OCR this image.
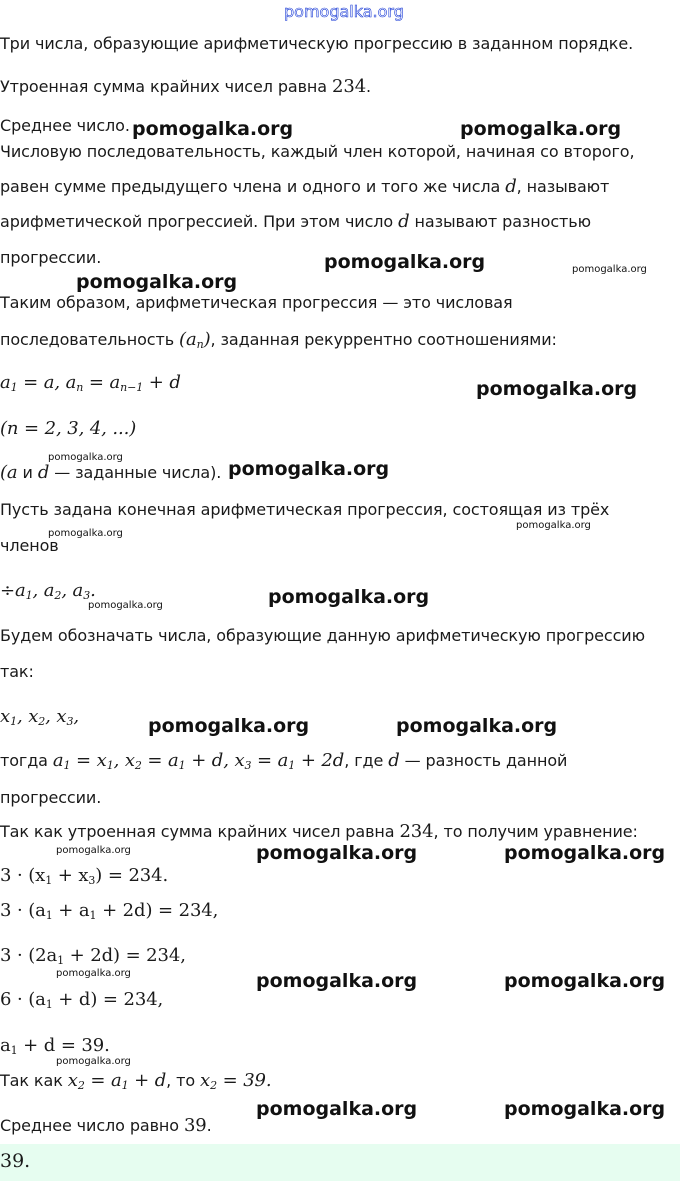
pomogalka.org
Три числа, образующие арифметическую прогрессию в заданном порядке.
Утроенная сумма крайних чисел равна 234.
Среднее число.
Числовую последовательность, каждый член которой, начиная со второго,
равен сумме предыдущего члена и одного и того же числа d, называют
арифметической прогрессией. При этом число d называют разностью
прогрессии.
Таким образом, арифметическая прогрессия — это числовая
последовательность $(a_n)$, заданная рекуррентно соотношениями:
$a_1 = a$, $a_n = a_{n-1} + d$
(n = 2, 3, 4, ...)
(a и d — заданные числа).
Пусть задана конечная арифметическая прогрессия, состоящая из трёх
членов
$\div a_1$, $a_2$, $a_3$.
Будем обозначать числа, образующие данную арифметическую прогрессию
так:
$x_1$, $x_2$, $x_3$,
тогда $a_1 = x_1$, $x_2 = a_1 + d$, $x_3 = a_1 + 2d$, где d — разность данной
прогрессии.
Так как утроенная сумма крайних чисел равна 234, то получим уравнение:
$3 \cdot (x_1 + x_3) = 234$.
$3 \cdot (a_1 + a_1 + 2d) = 234$,
$3 \cdot (2a_1 + 2d) = 234$,
$6 \cdot (a_1 + d) = 234$,
$a_1 + d = 39$.
Так как $x_2 = a_1 + d$, то $x_2 = 39$.
Среднее число равно 39.
39.
pomogalka.org	pomogalka.org
pomogalka.org
pomogalka.org	pomogalka.org
pomogalka.org
pomogalka.org
pomogalka.org
pomogalka.org
pomogalka.org
pomogalka.org	pomogalka.org
pomogalka.org	pomogalka.org
pomogalka.org	pomogalka.org	pomogalka.org
pomogalka.org	pomogalka.org	pomogalka.org
pomogalka.org
pomogalka.org	pomogalka.org
